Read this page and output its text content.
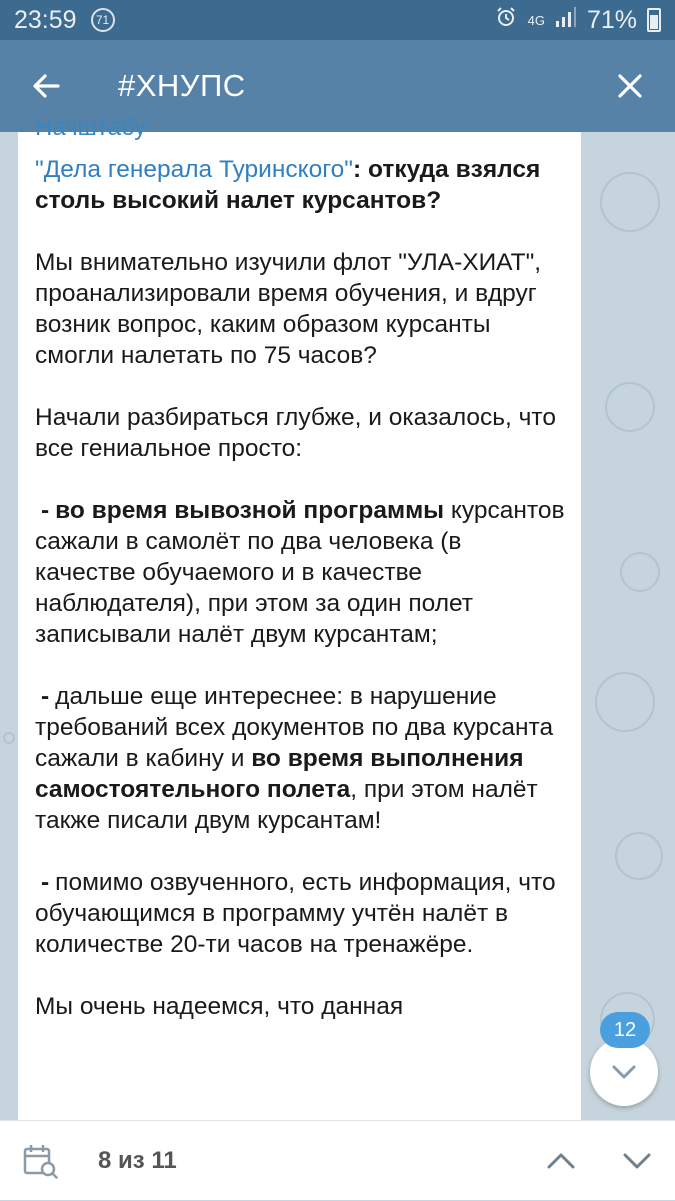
23:59	71	4G 71%
#ХНУПС
Начштабу

"Дела генерала Туринского": откуда взялся столь высокий налет курсантов?

Мы внимательно изучили флот "УЛА-ХИАТ", проанализировали время обучения, и вдруг возник вопрос, каким образом курсанты смогли налетать по 75 часов?

Начали разбираться глубже, и оказалось, что все гениальное просто:

- во время вывозной программы курсантов сажали в самолёт по два человека (в качестве обучаемого и в качестве наблюдателя), при этом за один полет записывали налёт двум курсантам;

- дальше еще интереснее: в нарушение требований всех документов по два курсанта сажали в кабину и во время выполнения самостоятельного полета, при этом налёт также писали двум курсантам!

- помимо озвученного, есть информация, что обучающимся в программу учтён налёт в количестве 20-ти часов на тренажёре.

Мы очень надеемся, что данная

12
8 из 11
